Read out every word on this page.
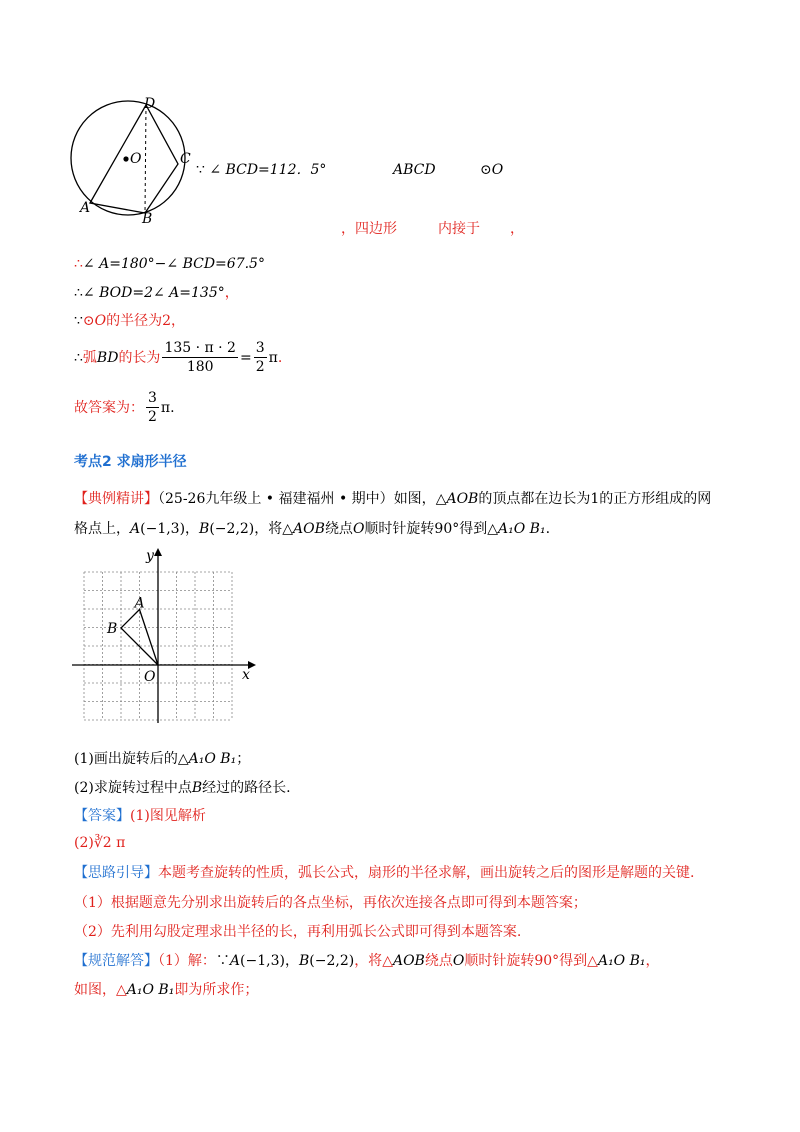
D
O	C
A
B
∵ ∠ BCD=112．5°	ABCD	⊙O
，四边形	内接于 ，
∴∠ A=180°−∠ BCD=67.5°
∴∠ BOD=2∠ A=135°，
∵⊙O的半径为2，
∴ 弧 BD 的长为 $\frac{135 \cdot \pi \cdot 2}{180} = \frac{3}{2}$ π .
故答案为： $\frac{3}{2} \pi$.
考点2 求扇形半径
【典例精讲】（25-26九年级上 • 福建福州 • 期中）如图，△AOB的顶点都在边长为1的正方形组成的网
格点上，A(−1,3)，B(−2,2)，将△AOB绕点O顺时针旋转90°得到△A₁O B₁.
y
x
A
B
O
(1)画出旋转后的△A₁O B₁；
(2)求旋转过程中点B经过的路径长.
【答案】(1)图见解析
(2)∛2 π
【思路引导】本题考查旋转的性质，弧长公式，扇形的半径求解，画出旋转之后的图形是解题的关键.
（1）根据题意先分别求出旋转后的各点坐标，再依次连接各点即可得到本题答案；
（2）先利用勾股定理求出半径的长，再利用弧长公式即可得到本题答案.
【规范解答】（1）解：∵A(−1,3)，B(−2,2)，将△AOB绕点O顺时针旋转90°得到△A₁O B₁，
如图，△A₁O B₁即为所求作；
